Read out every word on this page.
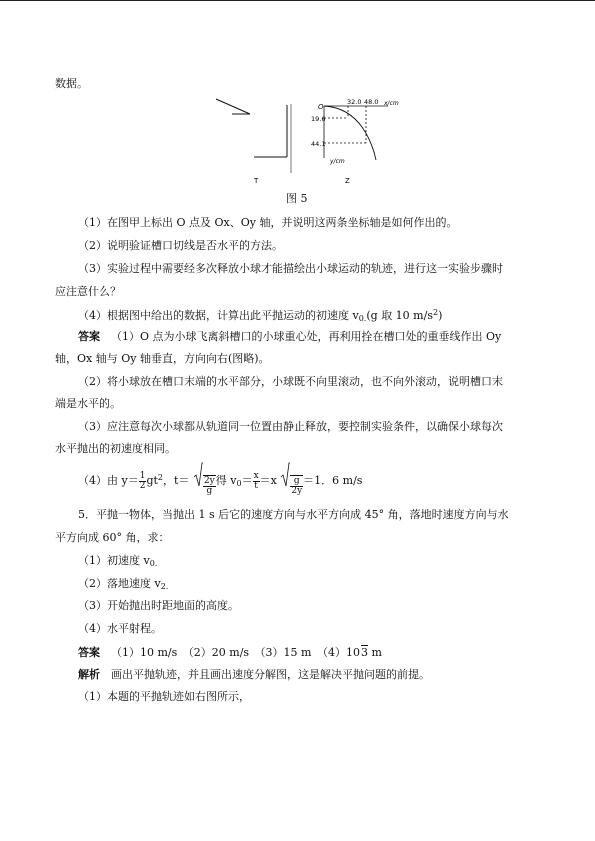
数据。
O
32.0 48.0 x/cm
19.6
44.1
y/cm
T	Z
图 5
（1）在图甲上标出 O 点及 Ox、Oy 轴，并说明这两条坐标轴是如何作出的。
（2）说明验证槽口切线是否水平的方法。
（3）实验过程中需要经多次释放小球才能描绘出小球运动的轨迹，进行这一实验步骤时
应注意什么？
（4）根据图中给出的数据，计算出此平抛运动的初速度 $v_{0.}(g$ 取 10 $m/s^2$)
答案  （1）O 点为小球飞离斜槽口的小球重心处，再利用拴在槽口处的重垂线作出 Oy
轴，Ox 轴与 Oy 轴垂直，方向向右(图略)。
（2）将小球放在槽口末端的水平部分，小球既不向里滚动，也不向外滚动，说明槽口末
端是水平的。
（3）应注意每次小球都从轨道同一位置由静止释放，要控制实验条件，以确保小球每次
水平抛出的初速度相同。
（4）由 $y= \frac{1}{2} gt^2$，$t= \frac{2y}{g}$ 得 $v_0= \frac{x}{t} =x \frac{g}{2y} =1$．6 m/s
5．平抛一物体，当抛出 1 s 后它的速度方向与水平方向成 45° 角，落地时速度方向与水
平方向成 60° 角，求：
（1）初速度 $v_{0.}$
（2）落地速度 $v_{2.}$
（3）开始抛出时距地面的高度。
（4）水平射程。
答案  （1）10 m/s　（2）20 m/s　（3）15 m　（4）103 m
解析  画出平抛轨迹，并且画出速度分解图，这是解决平抛问题的前提。
（1）本题的平抛轨迹如右图所示，
